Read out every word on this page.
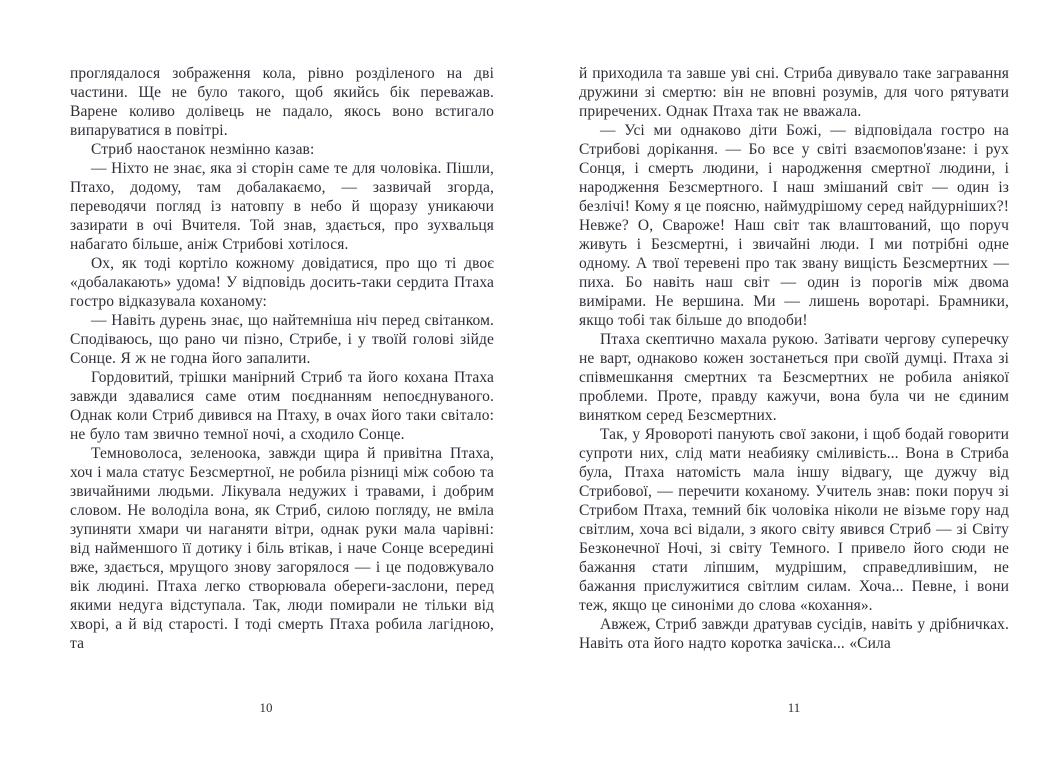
проглядалося зображення кола, рівно розділеного на дві частини. Ще не було такого, щоб якийсь бік переважав. Варене коливо долівець не падало, якось воно встигало випаруватися в повітрі.

Стриб наостанок незмінно казав:

— Ніхто не знає, яка зі сторін саме те для чоловіка. Пішли, Птахо, додому, там добалакаємо, — зазвичай згорда, переводячи погляд із натовпу в небо й щоразу уникаючи зазирати в очі Вчителя. Той знав, здається, про зухвальця набагато більше, аніж Стрибові хотілося.

Ох, як тоді кортіло кожному довідатися, про що ті двоє «добалакають» удома! У відповідь досить-таки сердита Птаха гостро відказувала коханому:

— Навіть дурень знає, що найтемніша ніч перед світанком. Сподіваюсь, що рано чи пізно, Стрибе, і у твоїй голові зійде Сонце. Я ж не годна його запалити.

Гордовитий, трішки манірний Стриб та його кохана Птаха завжди здавалися саме отим поєднанням непоєднуваного. Однак коли Стриб дивився на Птаху, в очах його таки світало: не було там звично темної ночі, а сходило Сонце.

Темноволоса, зеленоока, завжди щира й привітна Птаха, хоч і мала статус Безсмертної, не робила різниці між собою та звичайними людьми. Лікувала недужих і травами, і добрим словом. Не володіла вона, як Стриб, силою погляду, не вміла зупиняти хмари чи наганяти вітри, однак руки мала чарівні: від найменшого її дотику і біль втікав, і наче Сонце всередині вже, здається, мрущого знову загорялося — і це подовжувало вік людині. Птаха легко створювала обереги-заслони, перед якими недуга відступала. Так, люди помирали не тільки від хворі, а й від старості. І тоді смерть Птаха робила лагідною, та

10

й приходила та завше уві сні. Стриба дивувало таке загравання дружини зі смертю: він не вповні розумів, для чого рятувати приречених. Однак Птаха так не вважала.

— Усі ми однаково діти Божі, — відповідала гостро на Стрибові дорікання. — Бо все у світі взаємопов'язане: і рух Сонця, і смерть людини, і народження смертної людини, і народження Безсмертного. І наш змішаний світ — один із безлічі! Кому я це поясню, наймудрішому серед найдурніших?! Невже? О, Свароже! Наш світ так влаштований, що поруч живуть і Безсмертні, і звичайні люди. І ми потрібні одне одному. А твої теревені про так звану вищість Безсмертних — пиха. Бо навіть наш світ — один із порогів між двома вимірами. Не вершина. Ми — лишень воротарі. Брамники, якщо тобі так більше до вподоби!

Птаха скептично махала рукою. Затівати чергову суперечку не варт, однаково кожен зостанеться при своїй думці. Птаха зі співмешкання смертних та Безсмертних не робила аніякої проблеми. Проте, правду кажучи, вона була чи не єдиним винятком серед Безсмертних.

Так, у Яровороті панують свої закони, і щоб бодай говорити супроти них, слід мати неабияку сміливість... Вона в Стриба була, Птаха натомість мала іншу відвагу, ще дужчу від Стрибової, — перечити коханому. Учитель знав: поки поруч зі Стрибом Птаха, темний бік чоловіка ніколи не візьме гору над світлим, хоча всі відали, з якого світу явився Стриб — зі Світу Безконечної Ночі, зі світу Темного. І привело його сюди не бажання стати ліпшим, мудрішим, справедливішим, не бажання прислужитися світлим силам. Хоча... Певне, і вони теж, якщо це синоніми до слова «кохання».

Авжеж, Стриб завжди дратував сусідів, навіть у дрібничках. Навіть ота його надто коротка зачіска... «Сила

11
